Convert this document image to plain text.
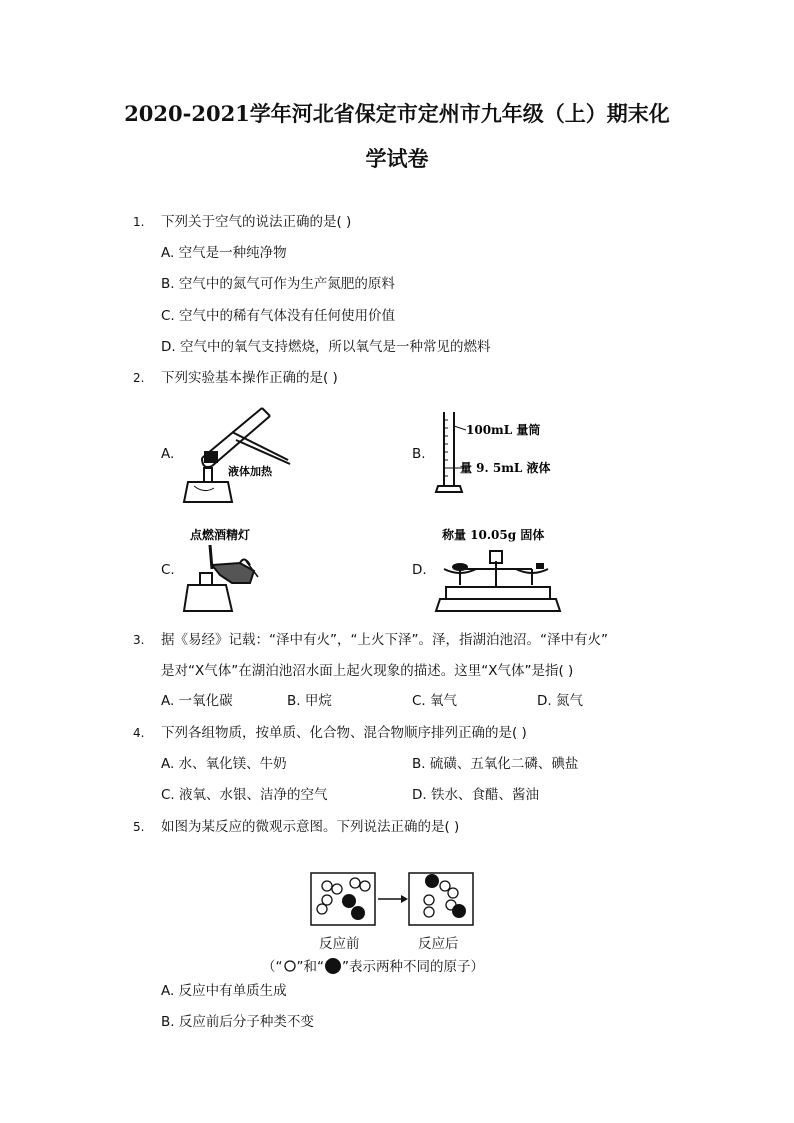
2020-2021学年河北省保定市定州市九年级（上）期末化
学试卷
1. 下列关于空气的说法正确的是( )
A. 空气是一种纯净物
B. 空气中的氮气可作为生产氮肥的原料
C. 空气中的稀有气体没有任何使用价值
D. 空气中的氧气支持燃烧，所以氧气是一种常见的燃料
2. 下列实验基本操作正确的是( )
A.	B.
C.	D.
液体加热
100mL 量筒
量 9. 5mL 液体
点燃酒精灯	称量 10.05g 固体
3. 据《易经》记载：“泽中有火”，“上火下泽”。泽，指湖泊池沼。“泽中有火”
是对“X气体”在湖泊池沼水面上起火现象的描述。这里“X气体”是指( )
A. 一氧化碳	B. 甲烷	C. 氧气	D. 氮气
4. 下列各组物质，按单质、化合物、混合物顺序排列正确的是( )
A. 水、氧化镁、牛奶	B. 硫磺、五氧化二磷、碘盐
C. 液氧、水银、洁净的空气	D. 铁水、食醋、酱油
5. 如图为某反应的微观示意图。下列说法正确的是( )
反应前	反应后
（“ ”和“ ”表示两种不同的原子）
A. 反应中有单质生成
B. 反应前后分子种类不变
